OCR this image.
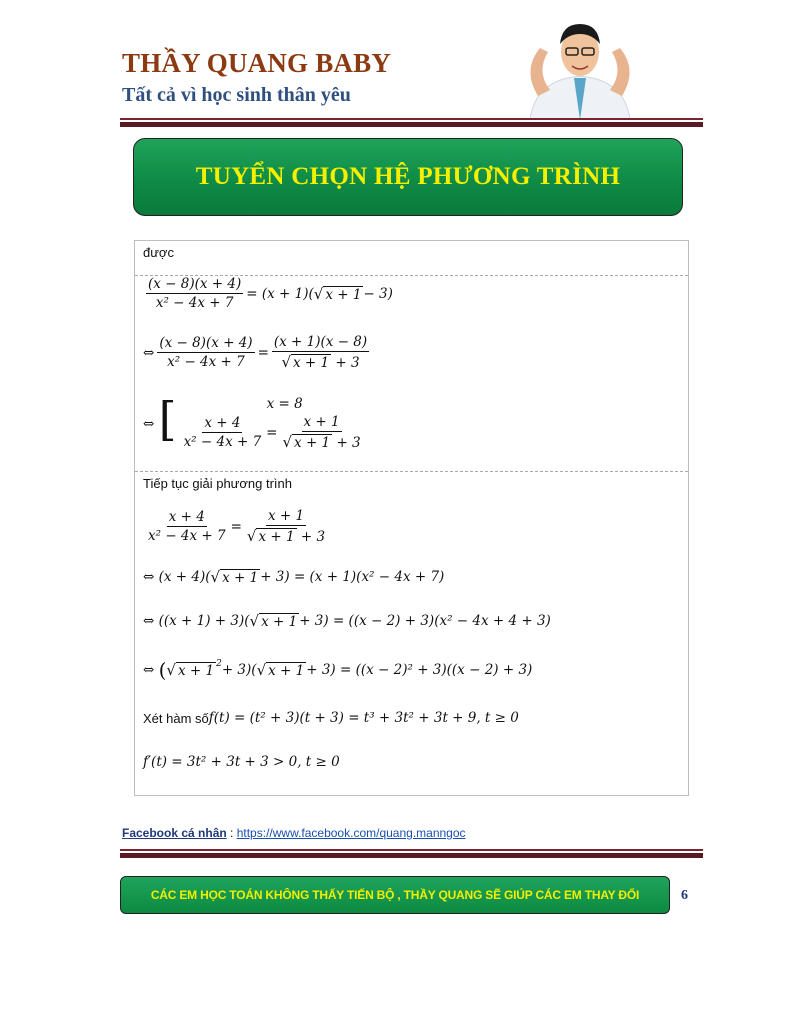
THẦY QUANG BABY
Tất cả vì học sinh thân yêu
TUYỂN CHỌN HỆ PHƯƠNG TRÌNH
được
$\frac{(x - 8)(x + 4)}{\text{x² − 4x + 7}}$ =
(x + 1)( √ x + 1 − 3)
⇔ $\frac{(x - 8)(x + 4)}{\text{x² − 4x + 7}} = \frac{(x + 1)(x - 8)}{√ x + 1 + 3}$
⇔
[	x = 8
$\frac{x + 4}{\text{x² − 4x + 7}} = \frac{x + 1}{√ x + 1 + 3}$
Tiếp tục giải phương trình
$\frac{x + 4}{\text{x² − 4x + 7}} = \frac{x + 1}{√ x + 1 + 3}$
⇔
(x + 4)( √ x + 1 + 3) = (x + 1)(x² − 4x + 7)
⇔
((x + 1) + 3)( √ x + 1 + 3) = ((x − 2) + 3)(x² − 4x + 4 + 3)
⇔
( √ $x + 1^2 + 3$)( √ x + 1 + 3) = ((x − 2)² + 3)((x − 2) + 3)
Xét hàm số f(t) = (t² + 3)(t + 3) = t³ + 3t² + 3t + 9, t ≥ 0
f′(t) = 3t² + 3t + 3 > 0, t ≥ 0
Facebook cá nhân : https://www.facebook.com/quang.manngoc
CÁC EM HỌC TOÁN KHÔNG THẤY TIẾN BỘ , THẦY QUANG SẼ GIÚP CÁC EM THAY ĐỔI	6
